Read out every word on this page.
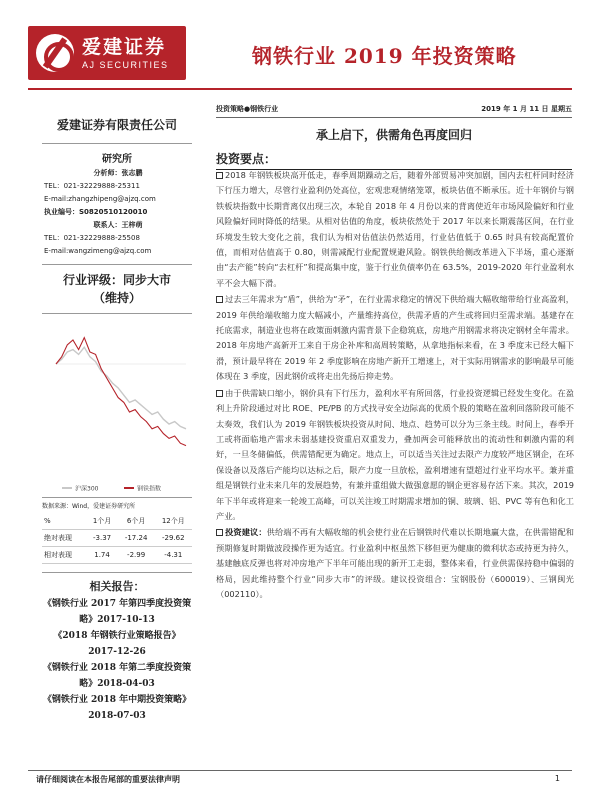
爱建证券
AJ SECURITIES	钢铁行业 2019 年投资策略
爱建证券有限责任公司
研究所
分析师：张志鹏
TEL：021-32229888-25311
E-mail:zhangzhipeng@ajzq.com
执业编号：S0820510120010
联系人：王梓萌
TEL：021-32229888-25508
E-mail:wangzimeng@ajzq.com
行业评级：同步大市
（维持）
沪深300	钢铁指数
数据来源：Wind，爱建证券研究所
%	1个月	6个月	12个月
绝对表现	-3.37	-17.24	-29.62
相对表现	1.74	-2.99	-4.31
相关报告：
《钢铁行业 2017 年第四季度投资策略》2017-10-13
《2018 年钢铁行业策略报告》2017-12-26
《钢铁行业 2018 年第二季度投资策略》2018-04-03
《钢铁行业 2018 年中期投资策略》2018-07-03
投资策略●钢铁行业	2019 年 1 月 11 日 星期五
承上启下，供需角色再度回归
投资要点：

2018 年钢铁板块高开低走，春季周期躁动之后，随着外部贸易冲突加剧，国内去杠杆同时经济下行压力增大，尽管行业盈利仍处高位，宏观悲观情绪笼罩，板块估值不断承压。近十年钢价与钢铁板块指数中长期背离仅出现三次，本轮自 2018 年 4 月份以来的背离使近年市场风险偏好和行业风险偏好同时降低的结果。从相对估值的角度，板块依然处于 2017 年以来长期震荡区间，在行业环境发生较大变化之前，我们认为相对估值法仍然适用，行业估值低于 0.65 时具有较高配置价值，而相对估值高于 0.80，则需减配行业配置规避风险。钢铁供给侧改革进入下半场，重心逐渐由“去产能”转向“去杠杆”和提高集中度，鉴于行业负债率仍在 63.5%，2019-2020 年行业盈利水平不会大幅下滑。

过去三年需求为“盾”，供给为“矛”，在行业需求稳定的情况下供给端大幅收缩带给行业高盈利，2019 年供给端收缩力度大幅减小，产量维持高位，供需矛盾的产生或将回归至需求端。基建存在托底需求，制造业也将在政策面刺激内需背景下企稳筑底，房地产用钢需求将决定钢材全年需求。2018 年房地产高新开工来自于房企补库和高周转策略，从拿地指标来看，在 3 季度末已经大幅下滑，预计最早将在 2019 年 2 季度影响在房地产新开工增速上，对于实际用钢需求的影响最早可能体现在 3 季度，因此钢价或将走出先扬后抑走势。

由于供需缺口缩小，钢价具有下行压力，盈利水平有所回落，行业投资逻辑已经发生变化。在盈利上升阶段通过对比 ROE、PE/PB 的方式找寻安全边际高的优质个股的策略在盈利回落阶段可能不太奏效，我们认为 2019 年钢铁板块投资从时间、地点、趋势可以分为三条主线。时间上，春季开工或将面临地产需求未弱基建投资重启双重发力，叠加两会可能释放出的流动性和刺激内需的利好，一旦冬储偏低，供需错配更为确定。地点上，可以适当关注过去限产力度较严地区钢企，在环保设备以及落后产能均以达标之后，限产力度一旦放松，盈利增速有望超过行业平均水平。兼并重组是钢铁行业未来几年的发展趋势，有兼并重组做大做强意愿的钢企更容易存活下来。其次，2019 年下半年或将迎来一轮竣工高峰，可以关注竣工时期需求增加的铜、玻璃、铝、PVC 等有色和化工产业。

投资建议：供给端不再有大幅收缩的机会使行业在后钢铁时代难以长期地赢大盘，在供需错配和预期修复时期做波段操作更为适宜。行业盈利中枢虽然下移但更为健康的微利状态或持更为持久，基建触底反弹也将对冲房地产下半年可能出现的新开工走弱，整体来看，行业供需保持稳中偏弱的格局，因此维持整个行业“同步大市”的评级。建议投资组合：宝钢股份（600019）、三钢闽光（002110）。

请仔细阅读在本报告尾部的重要法律声明	1
